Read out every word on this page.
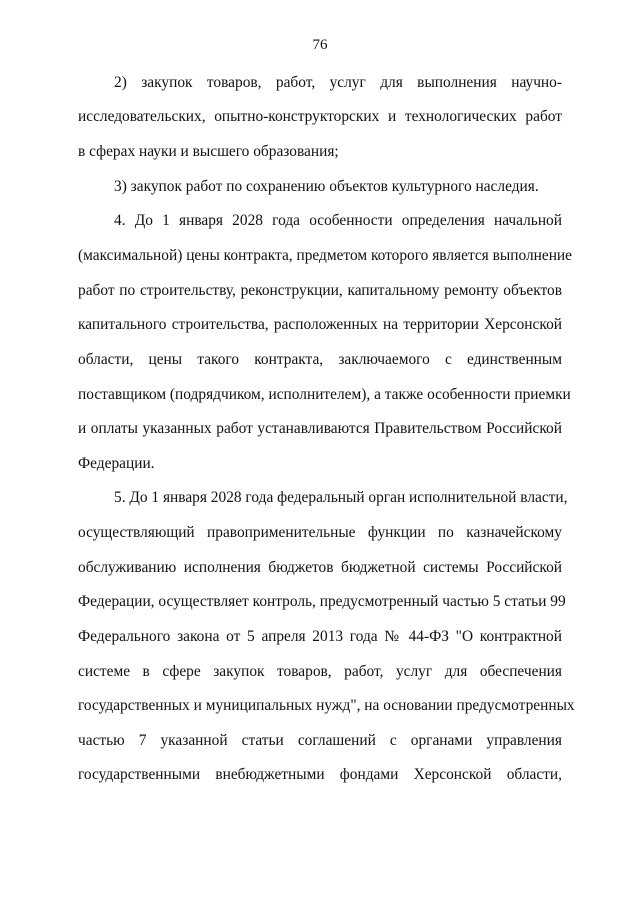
76
2) закупок товаров, работ, услуг для выполнения научно-
исследовательских, опытно-конструкторских и технологических работ
в сферах науки и высшего образования;
3) закупок работ по сохранению объектов культурного наследия.
4. До 1 января 2028 года особенности определения начальной
(максимальной) цены контракта, предметом которого является выполнение
работ по строительству, реконструкции, капитальному ремонту объектов
капитального строительства, расположенных на территории Херсонской
области, цены такого контракта, заключаемого с единственным
поставщиком (подрядчиком, исполнителем), а также особенности приемки
и оплаты указанных работ устанавливаются Правительством Российской
Федерации.
5. До 1 января 2028 года федеральный орган исполнительной власти,
осуществляющий правоприменительные функции по казначейскому
обслуживанию исполнения бюджетов бюджетной системы Российской
Федерации, осуществляет контроль, предусмотренный частью 5 статьи 99
Федерального закона от 5 апреля 2013 года № 44-ФЗ "О контрактной
системе в сфере закупок товаров, работ, услуг для обеспечения
государственных и муниципальных нужд", на основании предусмотренных
частью 7 указанной статьи соглашений с органами управления
государственными внебюджетными фондами Херсонской области,
